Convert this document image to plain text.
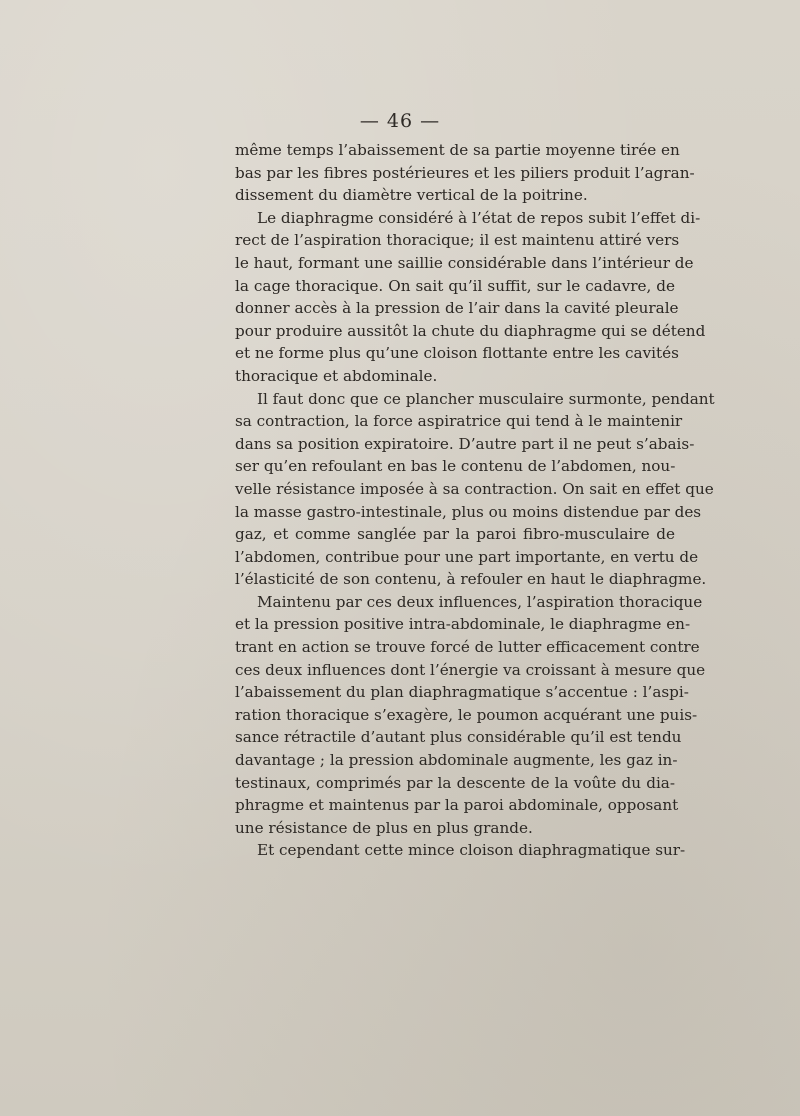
— 46 —
même temps l’abaissement de sa partie moyenne tirée en
bas par les fibres postérieures et les piliers produit l’agran-
dissement du diamètre vertical de la poitrine.
Le diaphragme considéré à l’état de repos subit l’effet di-
rect de l’aspiration thoracique; il est maintenu attiré vers
le haut, formant une saillie considérable dans l’intérieur de
la cage thoracique. On sait qu’il suffit, sur le cadavre, de
donner accès à la pression de l’air dans la cavité pleurale
pour produire aussitôt la chute du diaphragme qui se détend
et ne forme plus qu’une cloison flottante entre les cavités
thoracique et abdominale.
Il faut donc que ce plancher musculaire surmonte, pendant
sa contraction, la force aspiratrice qui tend à le maintenir
dans sa position expiratoire. D’autre part il ne peut s’abais-
ser qu’en refoulant en bas le contenu de l’abdomen, nou-
velle résistance imposée à sa contraction. On sait en effet que
la masse gastro-intestinale, plus ou moins distendue par des
gaz, et comme sanglée par la paroi fibro-musculaire de
l’abdomen, contribue pour une part importante, en vertu de
l’élasticité de son contenu, à refouler en haut le diaphragme.
Maintenu par ces deux influences, l’aspiration thoracique
et la pression positive intra-abdominale, le diaphragme en-
trant en action se trouve forcé de lutter efficacement contre
ces deux influences dont l’énergie va croissant à mesure que
l’abaissement du plan diaphragmatique s’accentue : l’aspi-
ration thoracique s’exagère, le poumon acquérant une puis-
sance rétractile d’autant plus considérable qu’il est tendu
davantage ; la pression abdominale augmente, les gaz in-
testinaux, comprimés par la descente de la voûte du dia-
phragme et maintenus par la paroi abdominale, opposant
une résistance de plus en plus grande.
Et cependant cette mince cloison diaphragmatique sur-
